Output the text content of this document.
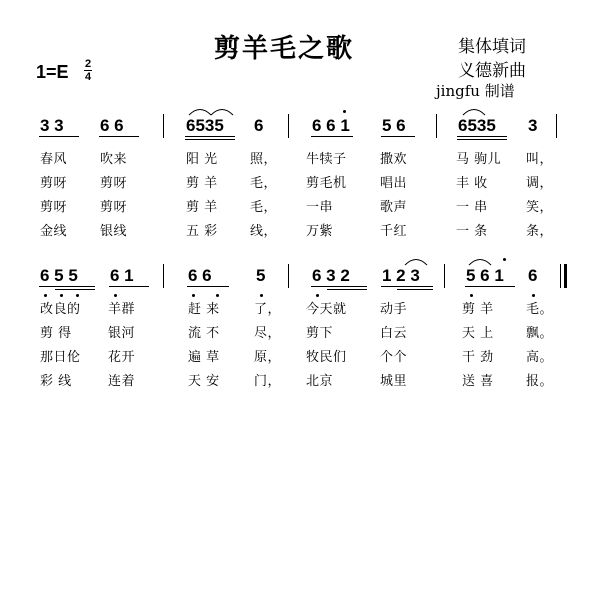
剪羊毛之歌	集体填词
义德新曲
jingfu 制谱
1=E 2
4
3 3 6 6	6535 6	6 6 1 5 6	6535 3
春风	吹来	阳 光 照， 牛犊子	撒欢	马 驹儿 叫，
剪呀	剪呀	剪 羊 毛， 剪毛机	唱出	丰 收	调，
剪呀	剪呀	剪 羊 毛， 一串	歌声	一 串	笑，
金线	银线	五 彩 线， 万紫	千红	一 条	条，
6 5 5 6 1	6 6	5	6 3 2 1 2 3	5 6 1 6
改良的 羊群	赶 来	了， 今天就	动手	剪 羊 毛。
剪 得	银河	流 不	尽， 剪下	白云	天 上 飘。
那日伦 花开	遍 草	原， 牧民们	个个	干 劲 高。
彩 线	连着	天 安	门， 北京	城里	送 喜 报。
